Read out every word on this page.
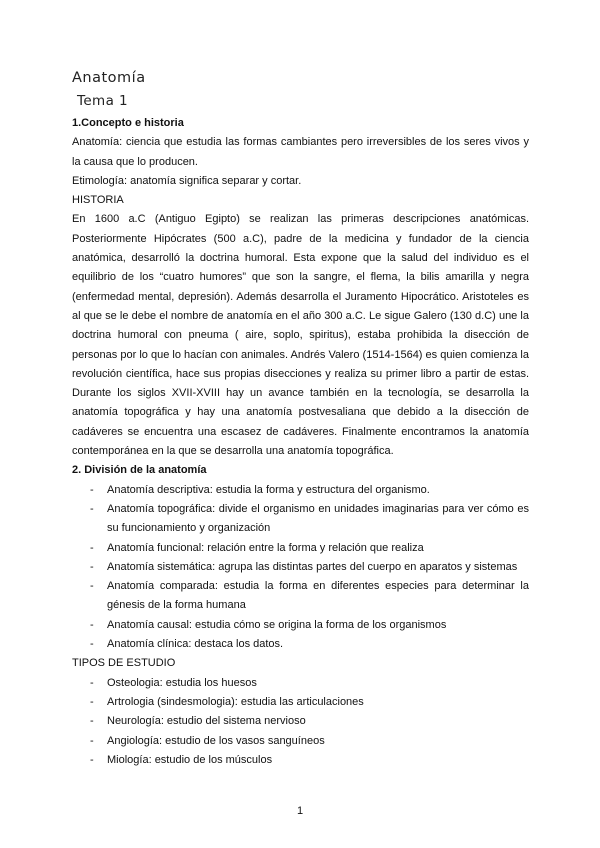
Anatomía
Tema 1

1.Concepto e historia

Anatomía: ciencia que estudia las formas cambiantes pero irreversibles de los seres vivos y la causa que lo producen.

Etimología: anatomía significa separar y cortar.

HISTORIA

En 1600 a.C (Antiguo Egipto) se realizan las primeras descripciones anatómicas. Posteriormente Hipócrates (500 a.C), padre de la medicina y fundador de la ciencia anatómica, desarrolló la doctrina humoral. Esta expone que la salud del individuo es el equilibrio de los “cuatro humores” que son la sangre, el flema, la bilis amarilla y negra (enfermedad mental, depresión). Además desarrolla el Juramento Hipocrático. Aristoteles es al que se le debe el nombre de anatomía en el año 300 a.C. Le sigue Galero (130 d.C) une la doctrina humoral con pneuma ( aire, soplo, spiritus), estaba prohibida la disección de personas por lo que lo hacían con animales. Andrés Valero (1514-1564) es quien comienza la revolución científica, hace sus propias disecciones y realiza su primer libro a partir de estas. Durante los siglos XVII-XVIII hay un avance también en la tecnología, se desarrolla la anatomía topográfica y hay una anatomía postvesaliana que debido a la disección de cadáveres se encuentra una escasez de cadáveres. Finalmente encontramos la anatomía contemporánea en la que se desarrolla una anatomía topográfica.

2. División de la anatomía

- Anatomía descriptiva: estudia la forma y estructura del organismo.
- Anatomía topográfica: divide el organismo en unidades imaginarias para ver cómo es su funcionamiento y organización
- Anatomía funcional: relación entre la forma y relación que realiza
- Anatomía sistemática: agrupa las distintas partes del cuerpo en aparatos y sistemas
- Anatomía comparada: estudia la forma en diferentes especies para determinar la génesis de la forma humana
- Anatomía causal: estudia cómo se origina la forma de los organismos
- Anatomía clínica: destaca los datos.

TIPOS DE ESTUDIO

- Osteologia: estudia los huesos
- Artrologia (sindesmologia): estudia las articulaciones
- Neurología: estudio del sistema nervioso
- Angiología: estudio de los vasos sanguíneos
- Miología: estudio de los músculos
1
